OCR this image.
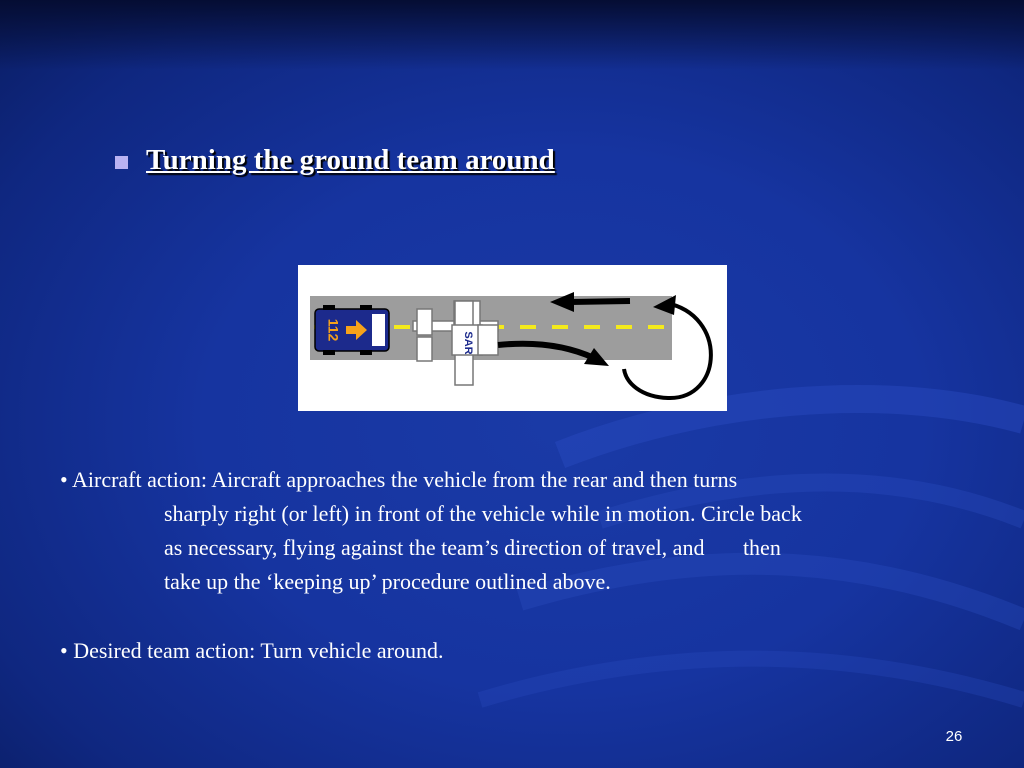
Turning the ground team around
112
SAR
• Aircraft action: Aircraft approaches the vehicle from the rear and then turns
sharply right (or left) in front of the vehicle while in motion. Circle back
as necessary, flying against the team’s direction of travel, and       then
take up the ‘keeping up’ procedure outlined above.
• Desired team action: Turn vehicle around.
26
